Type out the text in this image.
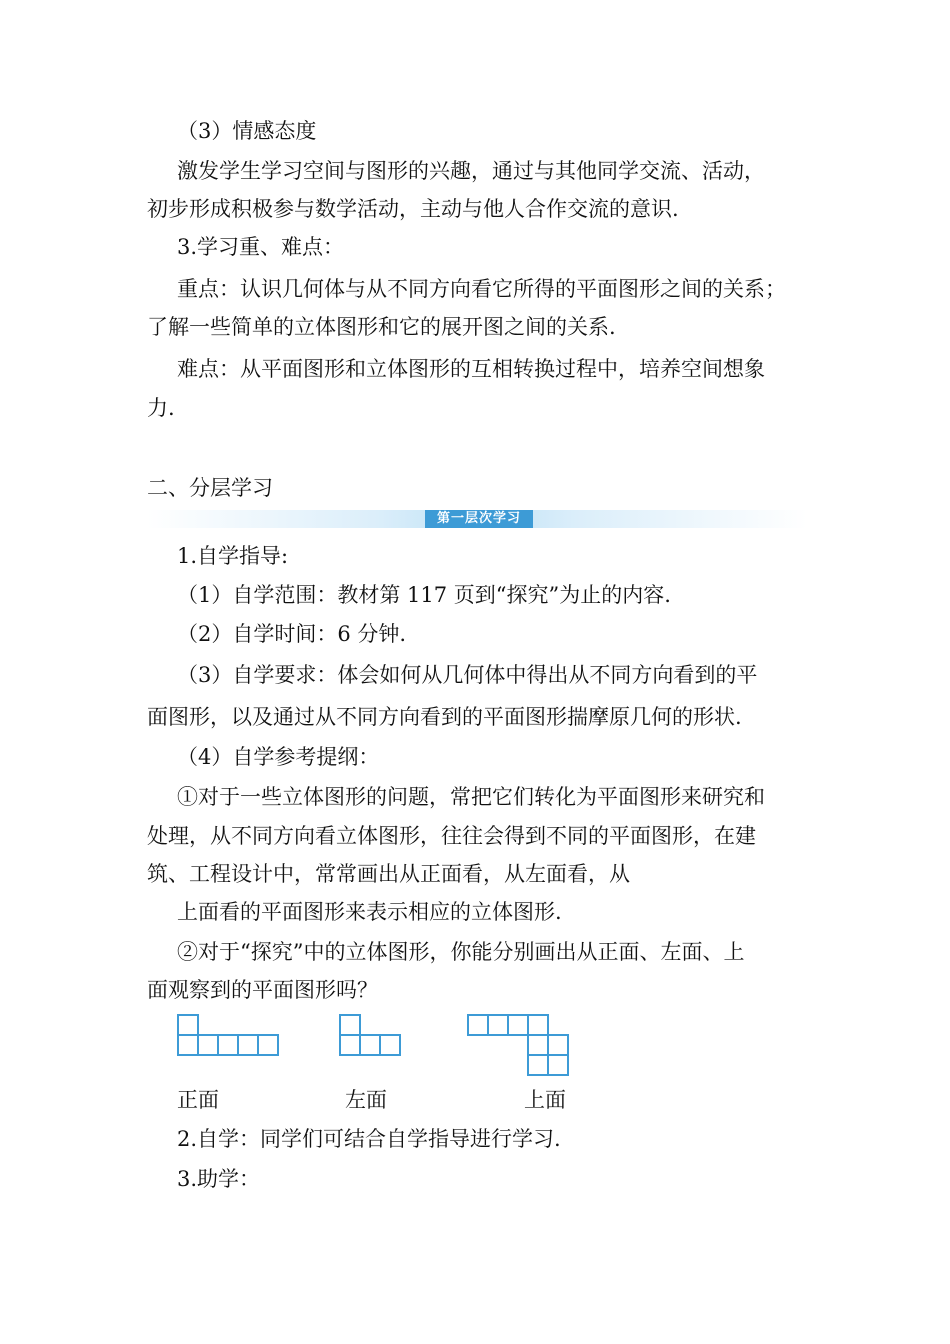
（3）情感态度
激发学生学习空间与图形的兴趣，通过与其他同学交流、活动，
初步形成积极参与数学活动，主动与他人合作交流的意识.
3.学习重、难点：
重点：认识几何体与从不同方向看它所得的平面图形之间的关系；
了解一些简单的立体图形和它的展开图之间的关系.
难点：从平面图形和立体图形的互相转换过程中，培养空间想象
力.
二、分层学习
第一层次学习
1.自学指导:
（1）自学范围：教材第 117 页到“探究”为止的内容.
（2）自学时间：6 分钟.
（3）自学要求：体会如何从几何体中得出从不同方向看到的平
面图形，以及通过从不同方向看到的平面图形揣摩原几何的形状.
（4）自学参考提纲：
①对于一些立体图形的问题，常把它们转化为平面图形来研究和
处理，从不同方向看立体图形，往往会得到不同的平面图形，在建
筑、工程设计中，常常画出从正面看，从左面看，从
上面看的平面图形来表示相应的立体图形.
②对于“探究”中的立体图形，你能分别画出从正面、左面、上
面观察到的平面图形吗？
正面	左面	上面
2.自学：同学们可结合自学指导进行学习.
3.助学：
